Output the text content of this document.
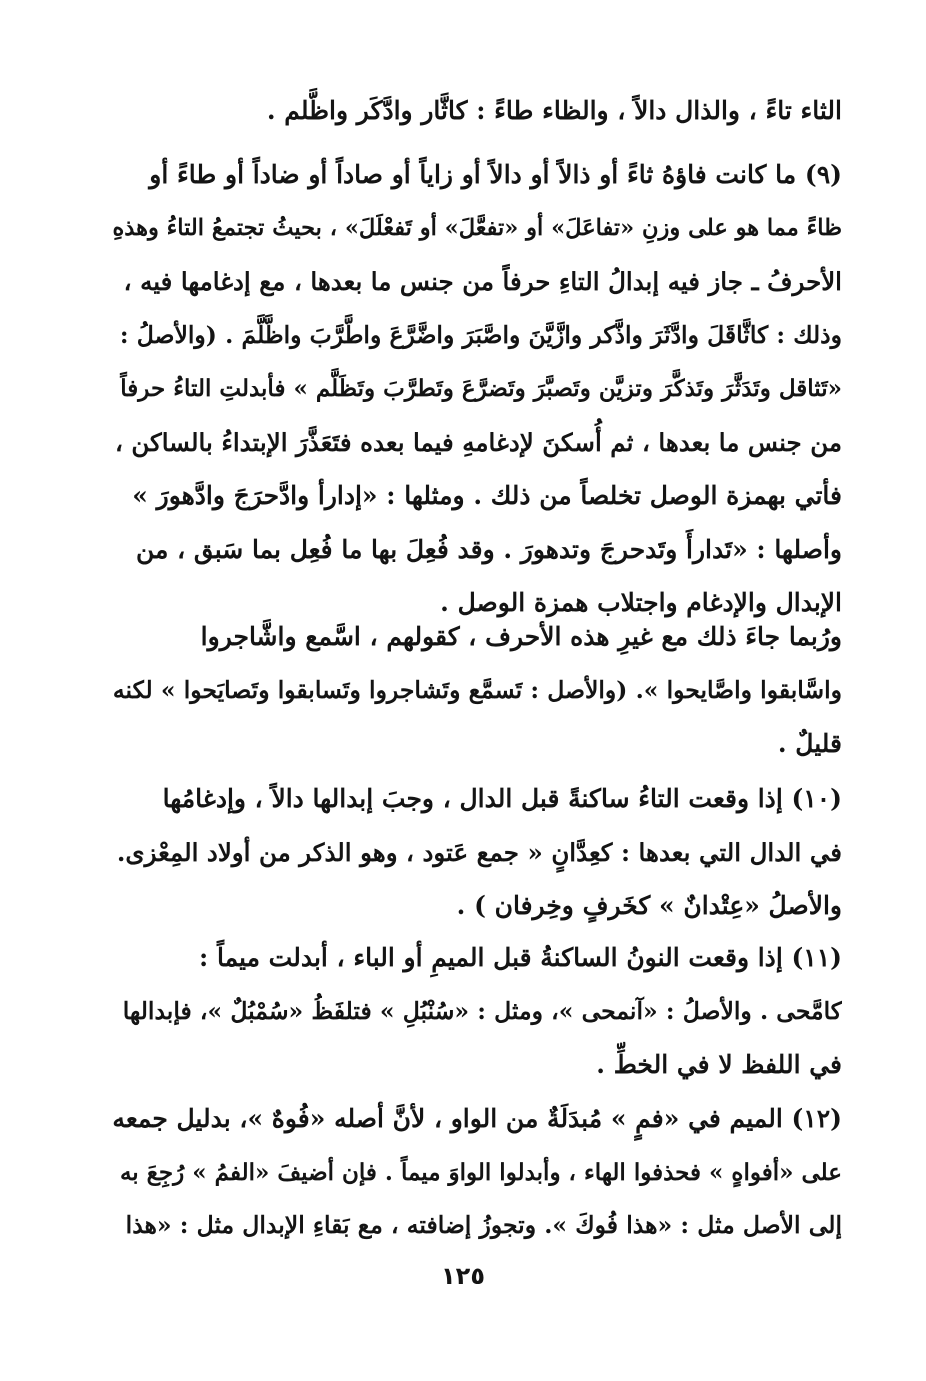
الثاء تاءً ، والذال دالاً ، والظاء طاءً : كاثَّار وادَّكَر واظَّلم .
(٩) ما كانت فاؤهُ ثاءً أو ذالاً أو دالاً أو زاياً أو صاداً أو ضاداً أو طاءً أو
ظاءً مما هو على وزنِ «تفاعَلَ» أو «تفعَّلَ» أو تَفعْلَلَ» ، بحيثُ تجتمعُ التاءُ وهذهِ
الأحرفُ ـ جاز فيه إبدالُ التاءِ حرفاً من جنس ما بعدها ، مع إدغامها فيه ،
وذلك : كاثَّاقَلَ وادَّثَرَ واذَّكر وازَّيَّنَ واصَّبَرَ واضَّرَّعَ واطَّرَّبَ واظَّلَّمَ . (والأصلُ :
«تَثاقل وتَدَثَّرَ وتَذكَّرَ وتزيَّن وتَصبَّرَ وتَضرَّعَ وتَطرَّبَ وتَظَلَّم » فأبدلتِ التاءُ حرفاً
من جنس ما بعدها ، ثم أُسكنَ لإدغامهِ فيما بعده فتَعَذَّرَ الإبتداءُ بالساكن ،
فأتي بهمزة الوصل تخلصاً من ذلك . ومثلها : «إدارأ وادَّحرَجَ وادَّهورَ »
وأصلها : «تَدارأَ وتَدحرجَ وتدهورَ . وقد فُعِلَ بها ما فُعِل بما سَبق ، من
الإبدال والإدغام واجتلاب همزة الوصل .
ورُبما جاءَ ذلك مع غيرِ هذه الأحرف ، كقولهم ، اسَّمع واشَّاجروا
واسَّابقوا واصَّايحوا ». (والأصل : تَسمَّع وتَشاجروا وتَسابقوا وتَصايَحوا » لكنه
قليلٌ .
(١٠) إذا وقعت التاءُ ساكنةً قبل الدال ، وجبَ إبدالها دالاً ، وإدغامُها
في الدال التي بعدها : كعِدَّانٍ « جمع عَتود ، وهو الذكر من أولاد المِعْزى.
والأصلُ «عِتْدانٌ » كخَرفٍ وخِرفان ) .
(١١) إذا وقعت النونُ الساكنةُ قبل الميمِ أو الباء ، أبدلت ميماً :
كامَّحى . والأصلُ : «آنمحى »، ومثل : «سُنْبُلِ » فتلفَظُ «سُمْبُلٌ »، فإبدالها
في اللفظ لا في الخطِّ .
(١٢) الميم في «فمٍ » مُبدَلَةٌ من الواو ، لأنَّ أصله «فُوهٌ »، بدليل جمعه
على «أفواهٍ » فحذفوا الهاء ، وأبدلوا الواوَ ميماً . فإن أضيفَ «الفمُ » رُجِعَ به
إلى الأصل مثل : «هذا فُوكَ ». وتجوزُ إضافته ، مع بَقاءِ الإبدال مثل : «هذا
١٢٥
